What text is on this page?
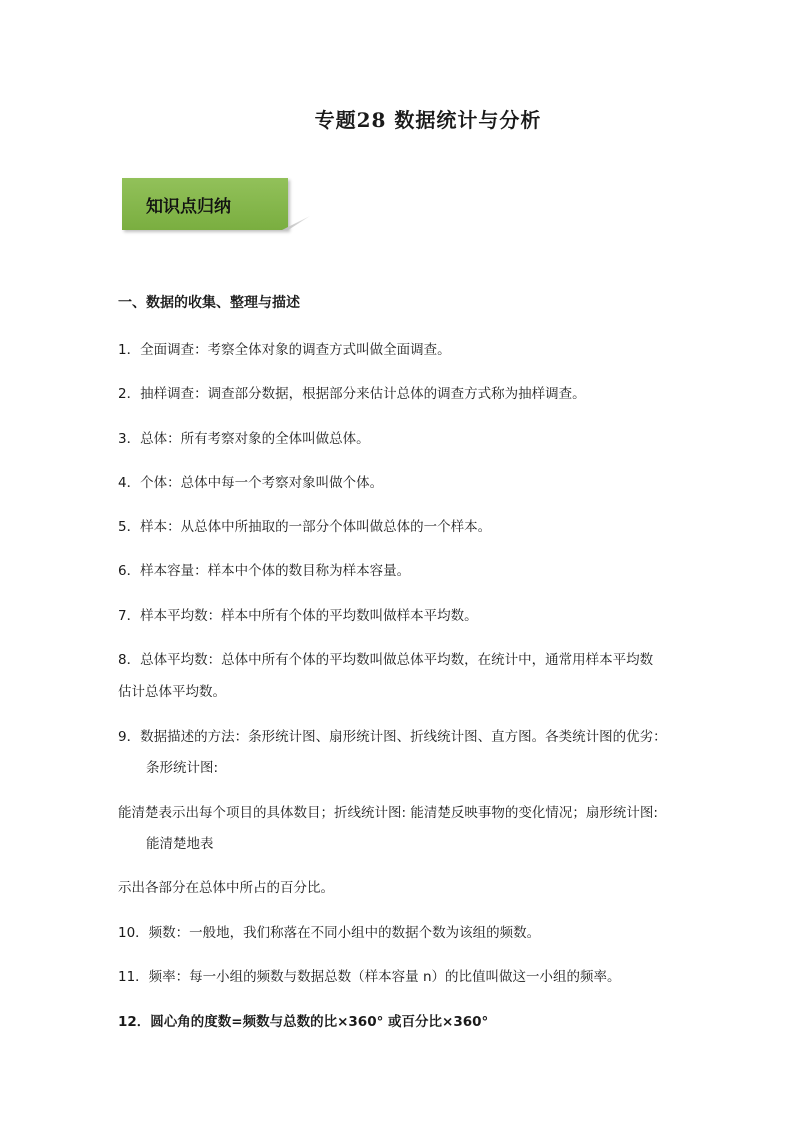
专题28 数据统计与分析
知识点归纳
一、数据的收集、整理与描述
1．全面调查：考察全体对象的调查方式叫做全面调查。
2．抽样调查：调查部分数据，根据部分来估计总体的调查方式称为抽样调查。
3．总体：所有考察对象的全体叫做总体。
4．个体：总体中每一个考察对象叫做个体。
5．样本：从总体中所抽取的一部分个体叫做总体的一个样本。
6．样本容量：样本中个体的数目称为样本容量。
7．样本平均数：样本中所有个体的平均数叫做样本平均数。
8．总体平均数：总体中所有个体的平均数叫做总体平均数，在统计中，通常用样本平均数
估计总体平均数。
9．数据描述的方法：条形统计图、扇形统计图、折线统计图、直方图。各类统计图的优劣：
条形统计图:
能清楚表示出每个项目的具体数目；折线统计图: 能清楚反映事物的变化情况；扇形统计图:
能清楚地表
示出各部分在总体中所占的百分比。
10．频数：一般地，我们称落在不同小组中的数据个数为该组的频数。
11．频率：每一小组的频数与数据总数（样本容量 n）的比值叫做这一小组的频率。
12．圆心角的度数=频数与总数的比×360° 或百分比×360°
